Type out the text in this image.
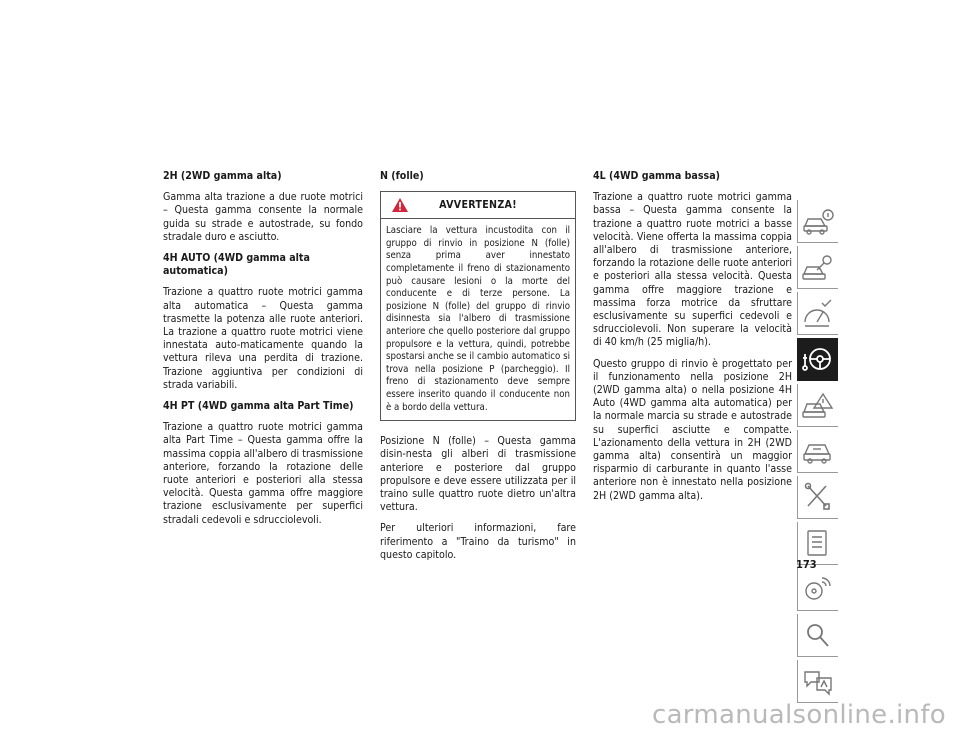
2H (2WD gamma alta)

Gamma alta trazione a due ruote motrici – Questa gamma consente la normale guida su strade e autostrade, su fondo stradale duro e asciutto.

4H AUTO (4WD gamma alta automatica)

Trazione a quattro ruote motrici gamma alta automatica – Questa gamma trasmette la potenza alle ruote anteriori. La trazione a quattro ruote motrici viene innestata auto-maticamente quando la vettura rileva una perdita di trazione. Trazione aggiuntiva per condizioni di strada variabili.

4H PT (4WD gamma alta Part Time)

Trazione a quattro ruote motrici gamma alta Part Time – Questa gamma offre la massima coppia all'albero di trasmissione anteriore, forzando la rotazione delle ruote anteriori e posteriori alla stessa velocità. Questa gamma offre maggiore trazione esclusivamente per superfici stradali cedevoli e sdrucciolevoli.

N (folle)
AVVERTENZA!
Lasciare la vettura incustodita con il gruppo di rinvio in posizione N (folle) senza prima aver innestato completamente il freno di stazionamento può causare lesioni o la morte del conducente e di terze persone. La posizione N (folle) del gruppo di rinvio disinnesta sia l'albero di trasmissione anteriore che quello posteriore dal gruppo propulsore e la vettura, quindi, potrebbe spostarsi anche se il cambio automatico si trova nella posizione P (parcheggio). Il freno di stazionamento deve sempre essere inserito quando il conducente non è a bordo della vettura.

Posizione N (folle) – Questa gamma disin-nesta gli alberi di trasmissione anteriore e posteriore dal gruppo propulsore e deve essere utilizzata per il traino sulle quattro ruote dietro un'altra vettura.

Per ulteriori informazioni, fare riferimento a "Traino da turismo" in questo capitolo.

4L (4WD gamma bassa)

Trazione a quattro ruote motrici gamma bassa – Questa gamma consente la trazione a quattro ruote motrici a basse velocità. Viene offerta la massima coppia all'albero di trasmissione anteriore, forzando la rotazione delle ruote anteriori e posteriori alla stessa velocità. Questa gamma offre maggiore trazione e massima forza motrice da sfruttare esclusivamente su superfici cedevoli e sdrucciolevoli. Non superare la velocità di 40 km/h (25 miglia/h).

Questo gruppo di rinvio è progettato per il funzionamento nella posizione 2H (2WD gamma alta) o nella posizione 4H Auto (4WD gamma alta automatica) per la normale marcia su strade e autostrade su superfici asciutte e compatte. L'azionamento della vettura in 2H (2WD gamma alta) consentirà un maggior risparmio di carburante in quanto l'asse anteriore non è innestato nella posizione 2H (2WD gamma alta).

173
carmanualsonline.info
